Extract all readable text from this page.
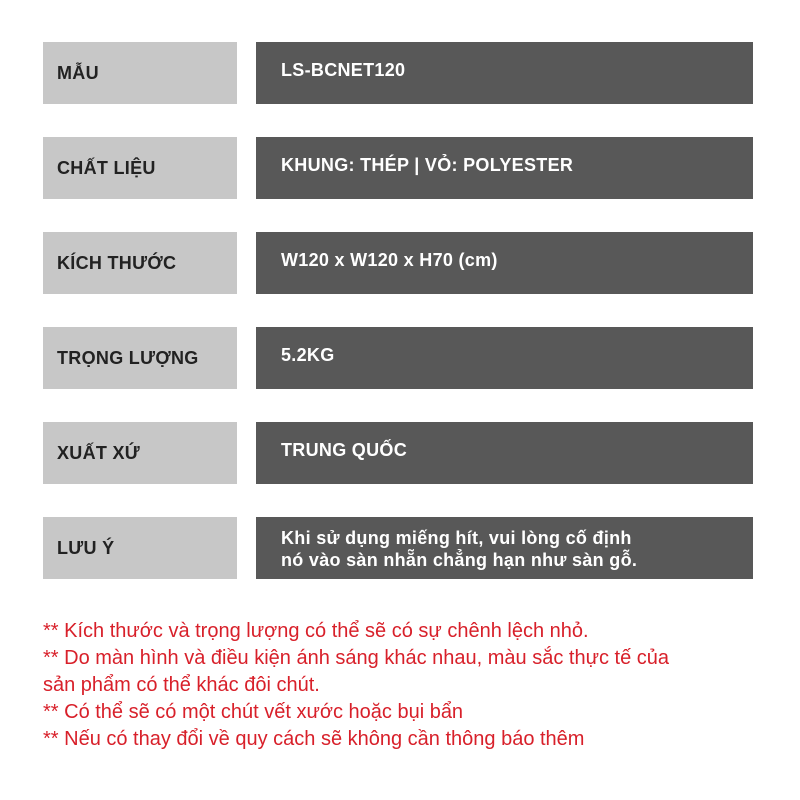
MẪU	LS-BCNET120
CHẤT LIỆU	KHUNG: THÉP | VỎ: POLYESTER
KÍCH THƯỚC	W120 x W120 x H70 (cm)
TRỌNG LƯỢNG	5.2KG
XUẤT XỨ	TRUNG QUỐC
LƯU Ý	Khi sử dụng miếng hít, vui lòng cố định
nó vào sàn nhẵn chẳng hạn như sàn gỗ.
** Kích thước và trọng lượng có thể sẽ có sự chênh lệch nhỏ.
** Do màn hình và điều kiện ánh sáng khác nhau, màu sắc thực tế của
sản phẩm có thể khác đôi chút.
** Có thể sẽ có một chút vết xước hoặc bụi bẩn
** Nếu có thay đổi về quy cách sẽ không cần thông báo thêm
